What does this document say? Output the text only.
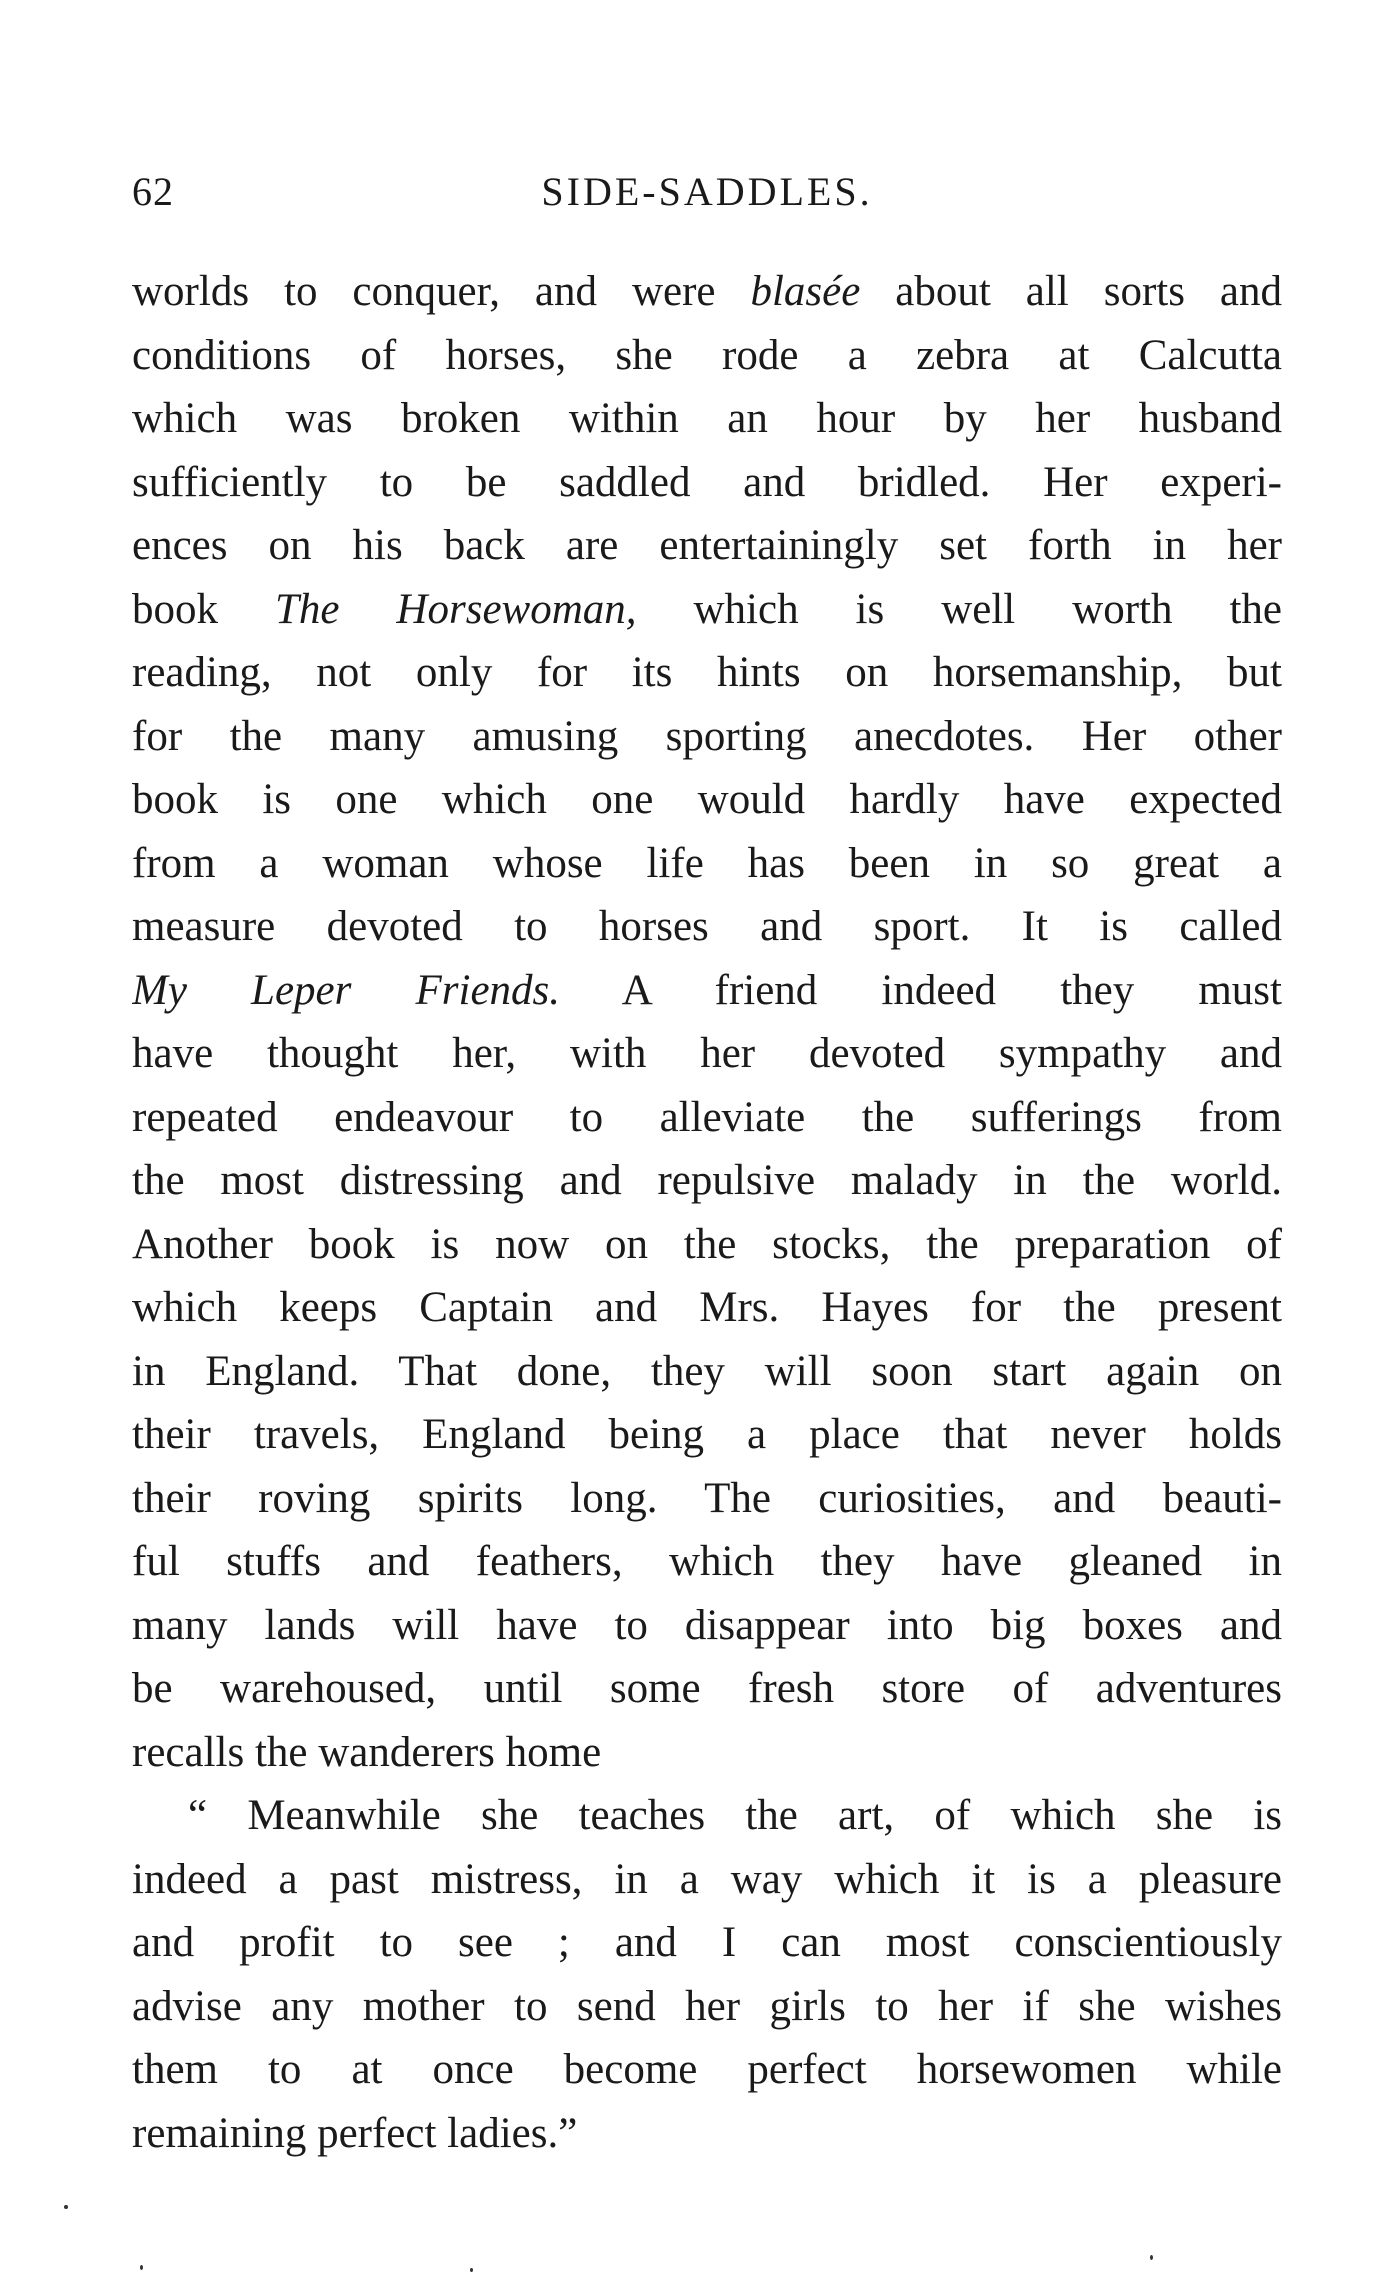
62	SIDE-SADDLES.
worlds to conquer, and were blasée about all sorts and
conditions of horses, she rode a zebra at Calcutta
which was broken within an hour by her husband
sufficiently to be saddled and bridled. Her experi-
ences on his back are entertainingly set forth in her
book The Horsewoman, which is well worth the
reading, not only for its hints on horsemanship, but
for the many amusing sporting anecdotes. Her other
book is one which one would hardly have expected
from a woman whose life has been in so great a
measure devoted to horses and sport. It is called
My Leper Friends. A friend indeed they must
have thought her, with her devoted sympathy and
repeated endeavour to alleviate the sufferings from
the most distressing and repulsive malady in the world.
Another book is now on the stocks, the preparation of
which keeps Captain and Mrs. Hayes for the present
in England. That done, they will soon start again on
their travels, England being a place that never holds
their roving spirits long. The curiosities, and beauti-
ful stuffs and feathers, which they have gleaned in
many lands will have to disappear into big boxes and
be warehoused, until some fresh store of adventures
recalls the wanderers home
“ Meanwhile she teaches the art, of which she is
indeed a past mistress, in a way which it is a pleasure
and profit to see ; and I can most conscientiously
advise any mother to send her girls to her if she wishes
them to at once become perfect horsewomen while
remaining perfect ladies.”
